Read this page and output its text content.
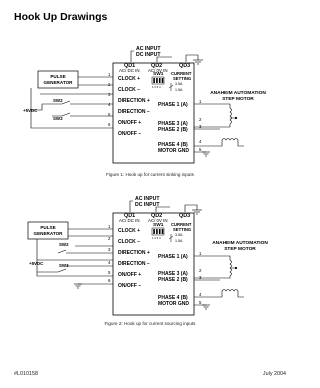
Hook Up Drawings
AC INPUT
DC INPUT
QD1	QD2	QD3
AC/ DC IN AC/ 0V IN
PULSE
GENERATOR
+5VDC
SW2
SW3
1
2
3
4
5
6
CLOCK +
CLOCK –
DIRECTION +
DIRECTION –
ON/OFF +
ON/OFF –
SW1
1 2 3 4
CURRENT
SETTING
3.5A
1.5A
PHASE 1 (A)
PHASE 3 (A)
PHASE 2 (B)
PHASE 4 (B)
MOTOR GND
1
2
3
4
5
ANAHEIM AUTOMATION
STEP MOTOR
Figure 1: Hook up for current sinking inputs
AC INPUT
DC INPUT
QD1	QD2	QD3
AC/ DC IN AC/ 0V IN
PULSE
GENERATOR
+5VDC
SW2
SW3
1
2
3
4
5
6
CLOCK +
CLOCK –
DIRECTION +
DIRECTION –
ON/OFF +
ON/OFF –
SW1
1 2 3 4
CURRENT
SETTING
3.5A
1.5A
PHASE 1 (A)
PHASE 3 (A)
PHASE 2 (B)
PHASE 4 (B)
MOTOR GND
1
2
3
4
5
ANAHEIM AUTOMATION
STEP MOTOR
Figure 2: Hook up for current sourcing inputs
#L010158	July 2004
